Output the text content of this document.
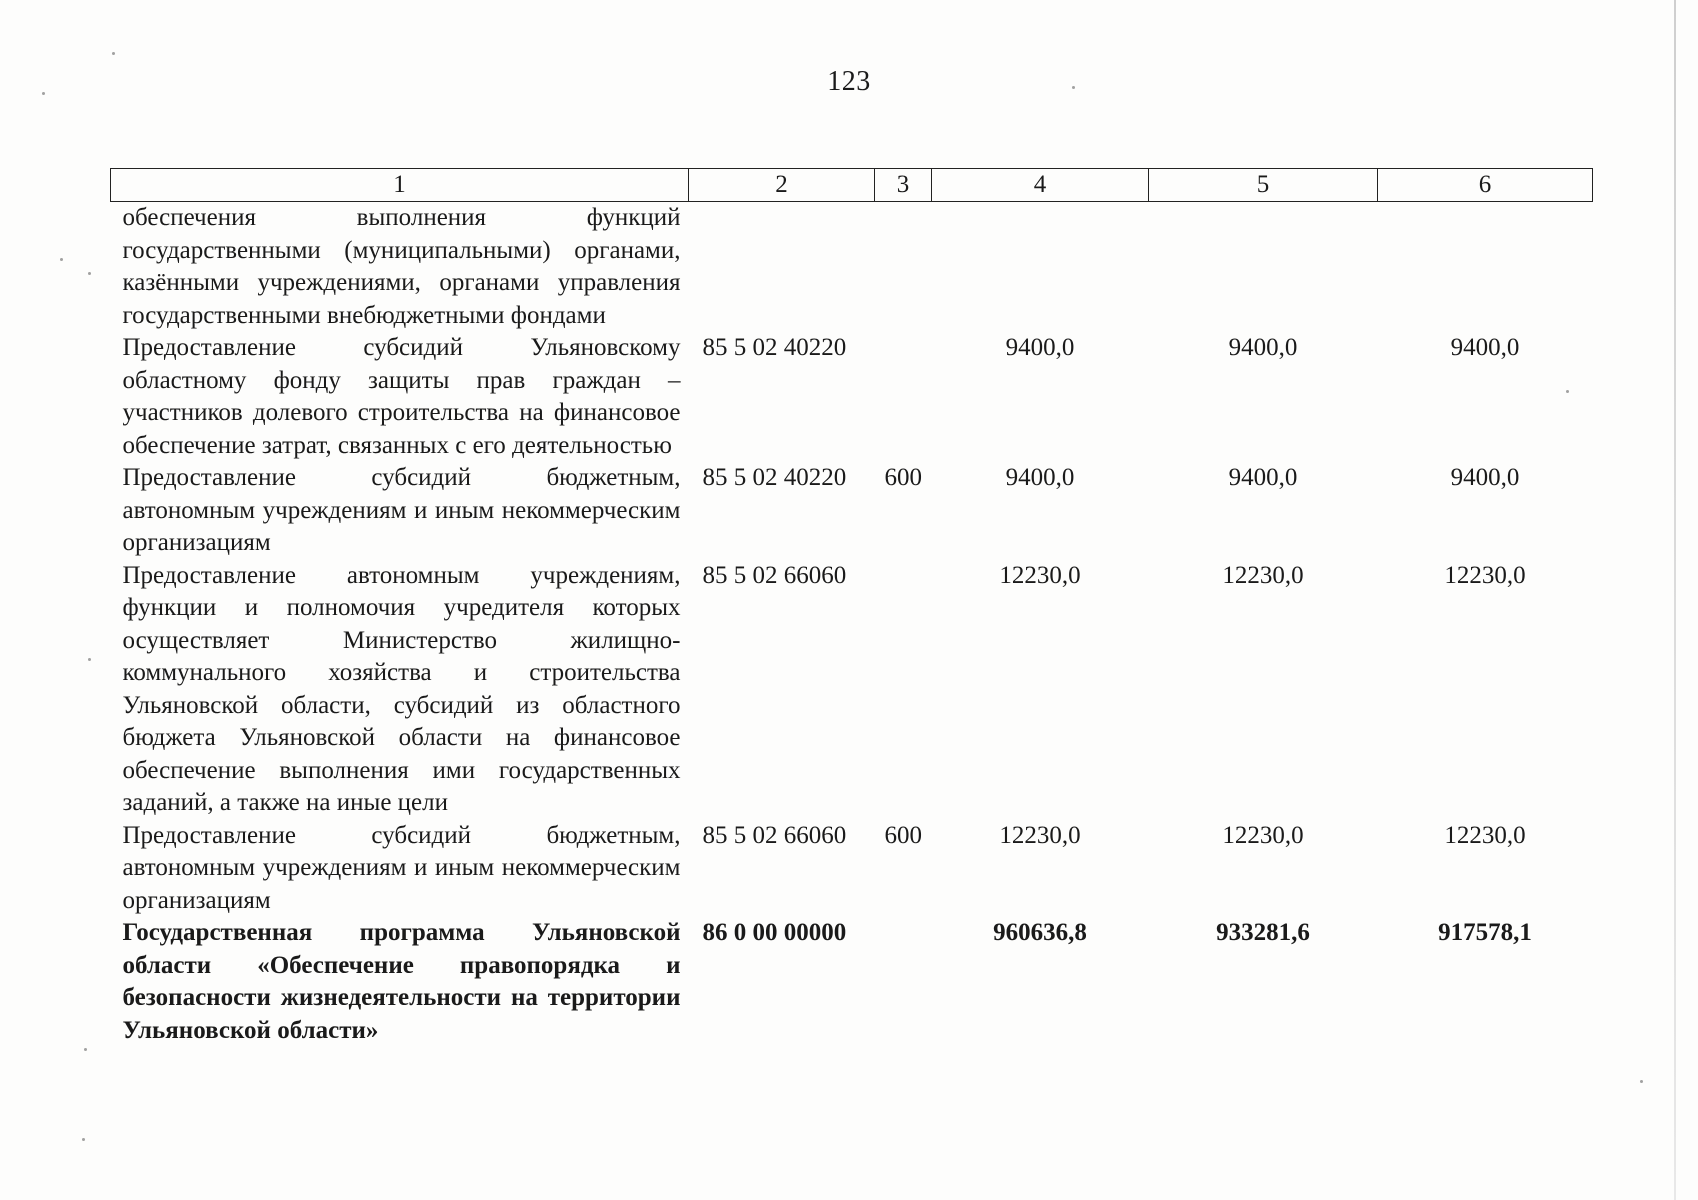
123
1	2	3	4	5	6
обеспечения выполнения функций государственными (муниципальными) органами, казёнными учреждениями, органами управления государственными внебюджетными фондами					
Предоставление субсидий Ульяновскому областному фонду защиты прав граждан – участников долевого строительства на финансовое обеспечение затрат, связанных с его деятельностью	85 5 02 40220		9400,0	9400,0	9400,0
Предоставление субсидий бюджетным, автономным учреждениям и иным некоммерческим организациям	85 5 02 40220	600	9400,0	9400,0	9400,0
Предоставление автономным учреждениям, функции и полномочия учредителя которых осуществляет Министерство жилищно-коммунального хозяйства и строительства Ульяновской области, субсидий из областного бюджета Ульяновской области на финансовое обеспечение выполнения ими государственных заданий, а также на иные цели	85 5 02 66060		12230,0	12230,0	12230,0
Предоставление субсидий бюджетным, автономным учреждениям и иным некоммерческим организациям	85 5 02 66060	600	12230,0	12230,0	12230,0
Государственная программа Ульяновской области «Обеспечение правопорядка и безопасности жизнедеятельности на территории Ульяновской области»	86 0 00 00000		960636,8	933281,6	917578,1
